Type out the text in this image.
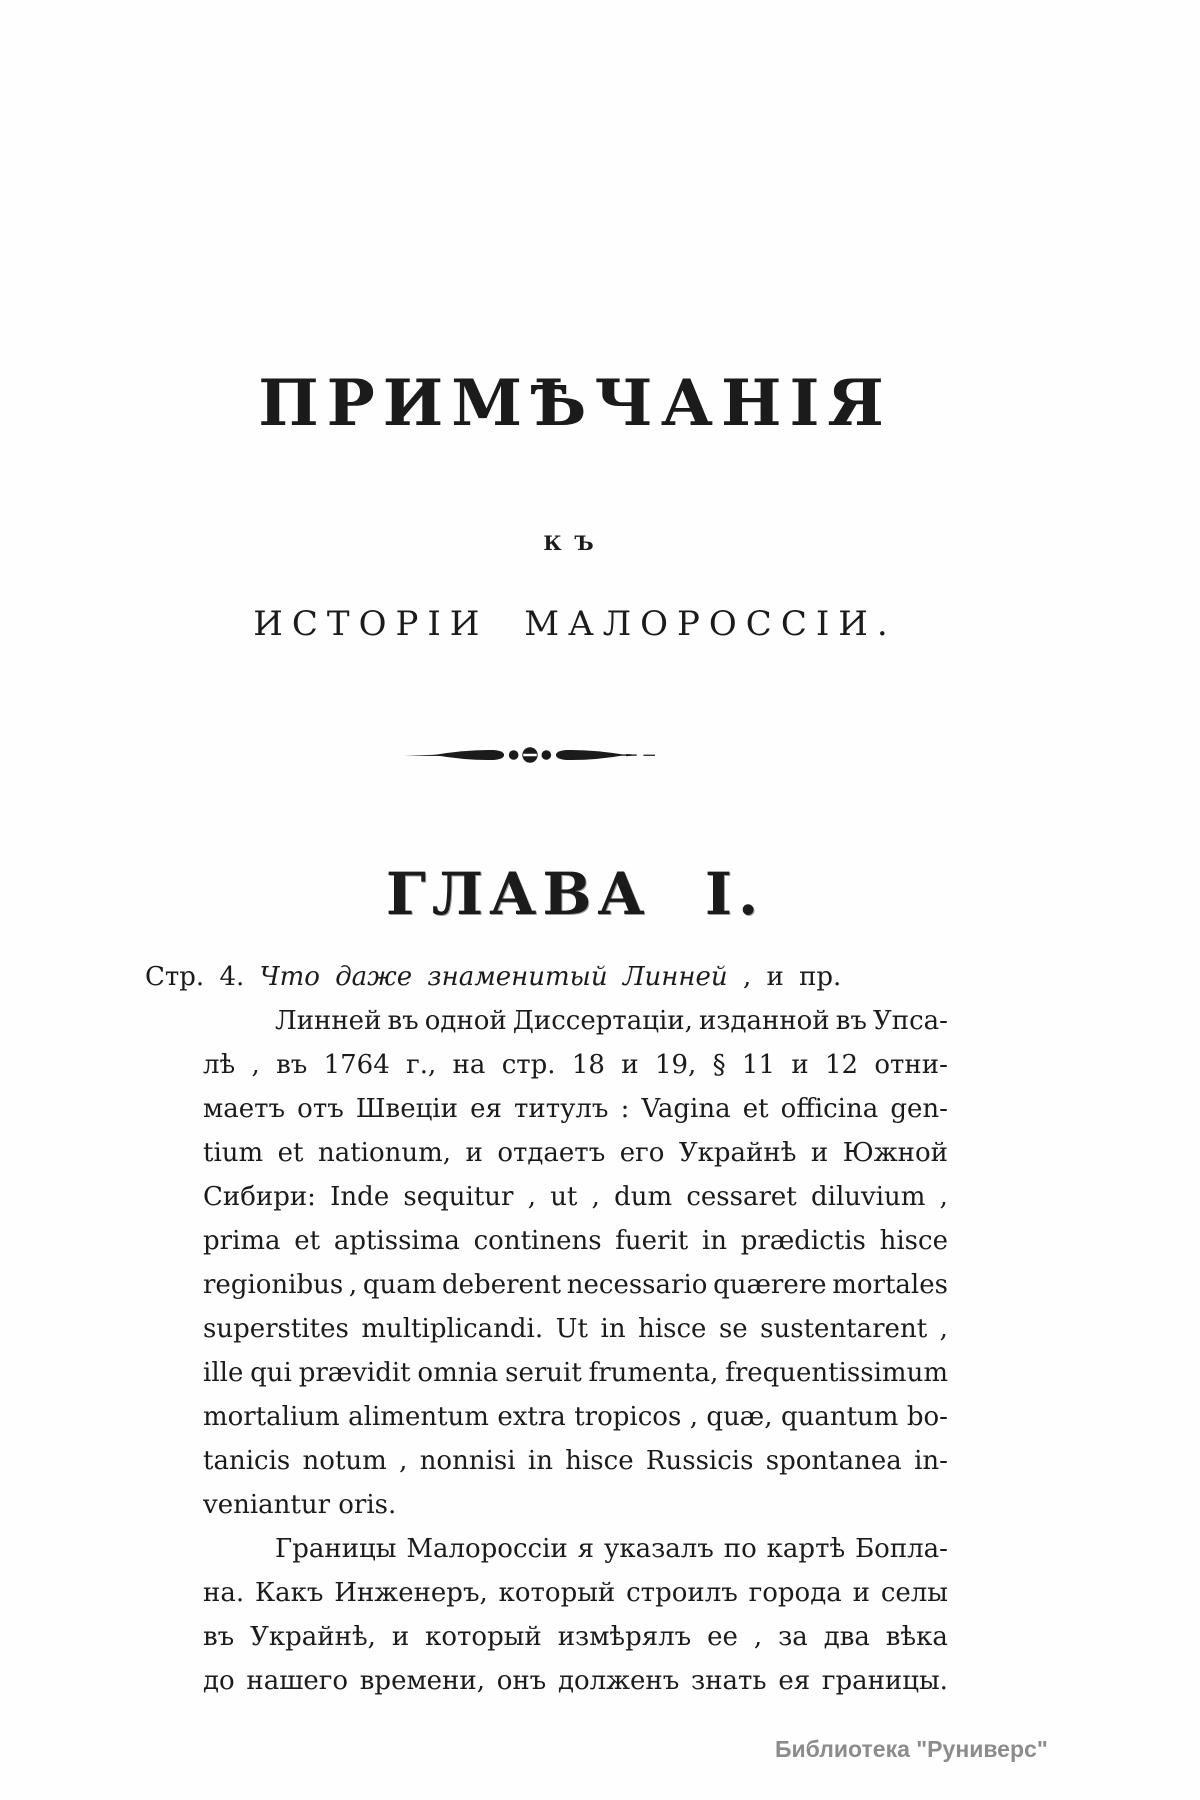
ПРИМѢЧАНІЯ
КЪ
ИСТОРІИ МАЛОРОССІИ.
ГЛАВА I.
Стр. 4. Что даже знаменитый Линней , и пр.
Линней въ одной Диссертаціи, изданной въ Упса-
лѣ , въ 1764 г., на стр. 18 и 19, § 11 и 12 отни-
маетъ отъ Швеціи ея титулъ : Vagina et officina gen-
tium et nationum, и отдаетъ его Украйнѣ и Южной
Сибири: Inde sequitur , ut , dum cessaret diluvium ,
prima et aptissima continens fuerit in prædictis hisce
regionibus , quam deberent necessario quærere mortales
superstites multiplicandi. Ut in hisce se sustentarent ,
ille qui prævidit omnia seruit frumenta, frequentissimum
mortalium alimentum extra tropicos , quæ, quantum bo-
tanicis notum , nonnisi in hisce Russicis spontanea in-
veniantur oris.
Границы Малороссіи я указалъ по картѣ Бопла-
на. Какъ Инженеръ, который строилъ города и селы
въ Украйнѣ, и который измѣрялъ ее , за два вѣка
до нашего времени, онъ долженъ знать ея границы.
Библиотека "Руниверс"
